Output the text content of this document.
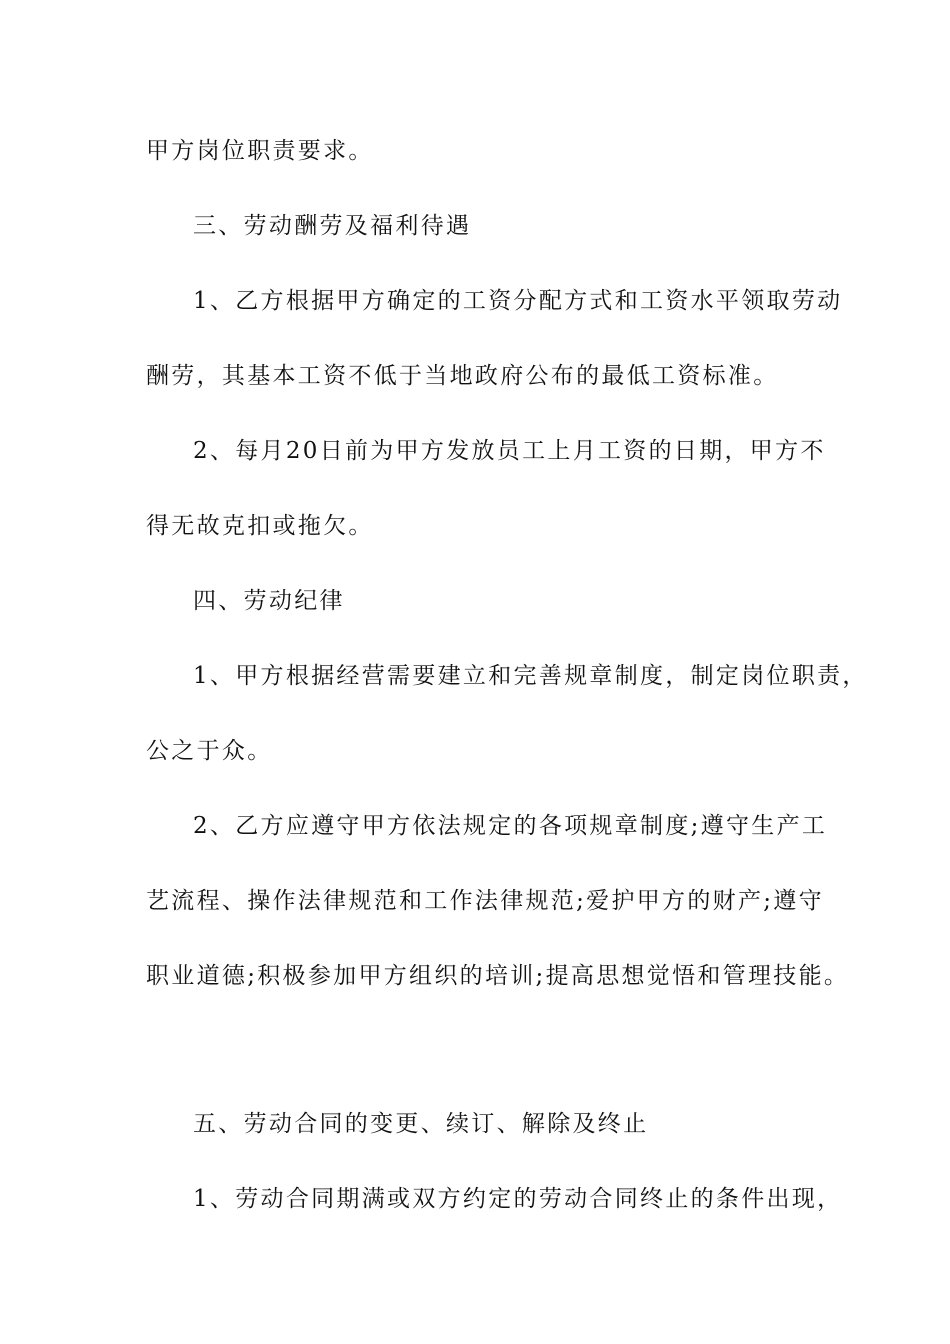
甲方岗位职责要求。
三、劳动酬劳及福利待遇
1、乙方根据甲方确定的工资分配方式和工资水平领取劳动
酬劳，其基本工资不低于当地政府公布的最低工资标准。
2、每月20日前为甲方发放员工上月工资的日期，甲方不
得无故克扣或拖欠。
四、劳动纪律
1、甲方根据经营需要建立和完善规章制度，制定岗位职责，
公之于众。
2、乙方应遵守甲方依法规定的各项规章制度;遵守生产工
艺流程、操作法律规范和工作法律规范;爱护甲方的财产;遵守
职业道德;积极参加甲方组织的培训;提高思想觉悟和管理技能。
五、劳动合同的变更、续订、解除及终止
1、劳动合同期满或双方约定的劳动合同终止的条件出现，
